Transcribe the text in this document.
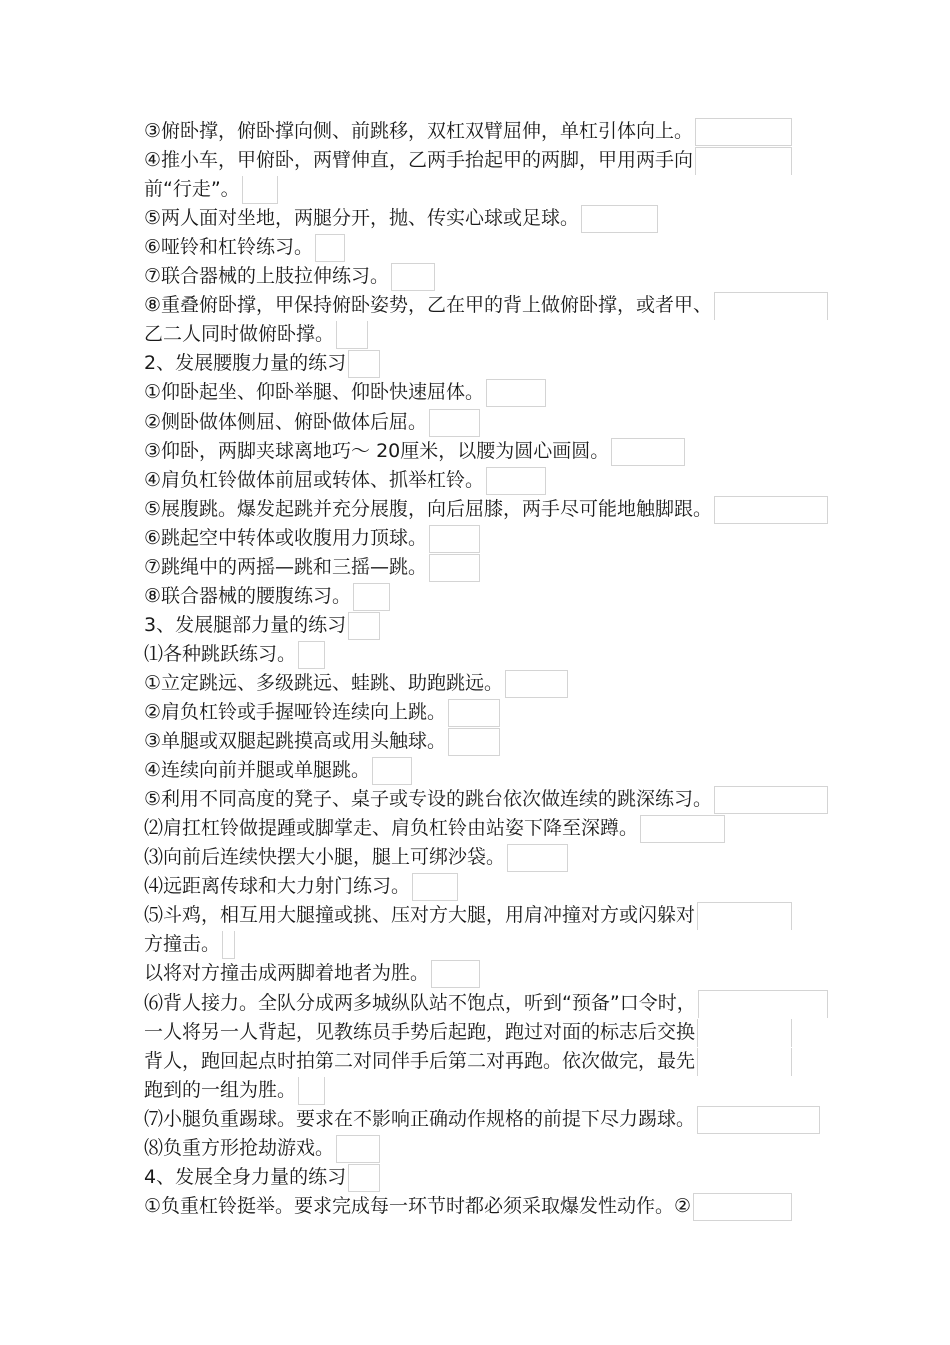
③俯卧撑，俯卧撑向侧、前跳移，双杠双臂屈伸，单杠引体向上。
④推小车，甲俯卧，两臂伸直，乙两手抬起甲的两脚，甲用两手向
前“行走”。
⑤两人面对坐地，两腿分开，抛、传实心球或足球。
⑥哑铃和杠铃练习。
⑦联合器械的上肢拉伸练习。
⑧重叠俯卧撑，甲保持俯卧姿势，乙在甲的背上做俯卧撑，或者甲、
乙二人同时做俯卧撑。
2、发展腰腹力量的练习
①仰卧起坐、仰卧举腿、仰卧快速屈体。
②侧卧做体侧屈、俯卧做体后屈。
③仰卧，两脚夹球离地巧～ 20厘米，以腰为圆心画圆。
④肩负杠铃做体前屈或转体、抓举杠铃。
⑤展腹跳。爆发起跳并充分展腹，向后屈膝，两手尽可能地触脚跟。
⑥跳起空中转体或收腹用力顶球。
⑦跳绳中的两摇—跳和三摇—跳。
⑧联合器械的腰腹练习。
3、发展腿部力量的练习
⑴各种跳跃练习。
①立定跳远、多级跳远、蛙跳、助跑跳远。
②肩负杠铃或手握哑铃连续向上跳。
③单腿或双腿起跳摸高或用头触球。
④连续向前并腿或单腿跳。
⑤利用不同高度的凳子、桌子或专设的跳台依次做连续的跳深练习。
⑵肩扛杠铃做提踵或脚掌走、肩负杠铃由站姿下降至深蹲。
⑶向前后连续快摆大小腿，腿上可绑沙袋。
⑷远距离传球和大力射门练习。
⑸斗鸡，相互用大腿撞或挑、压对方大腿，用肩冲撞对方或闪躲对
方撞击。
以将对方撞击成两脚着地者为胜。
⑹背人接力。全队分成两多城纵队站不饱点，听到“预备”口令时，
一人将另一人背起，见教练员手势后起跑，跑过对面的标志后交换
背人，跑回起点时拍第二对同伴手后第二对再跑。依次做完，最先
跑到的一组为胜。
⑺小腿负重踢球。要求在不影响正确动作规格的前提下尽力踢球。
⑻负重方形抢劫游戏。
4、发展全身力量的练习
①负重杠铃挺举。要求完成每一环节时都必须采取爆发性动作。②
